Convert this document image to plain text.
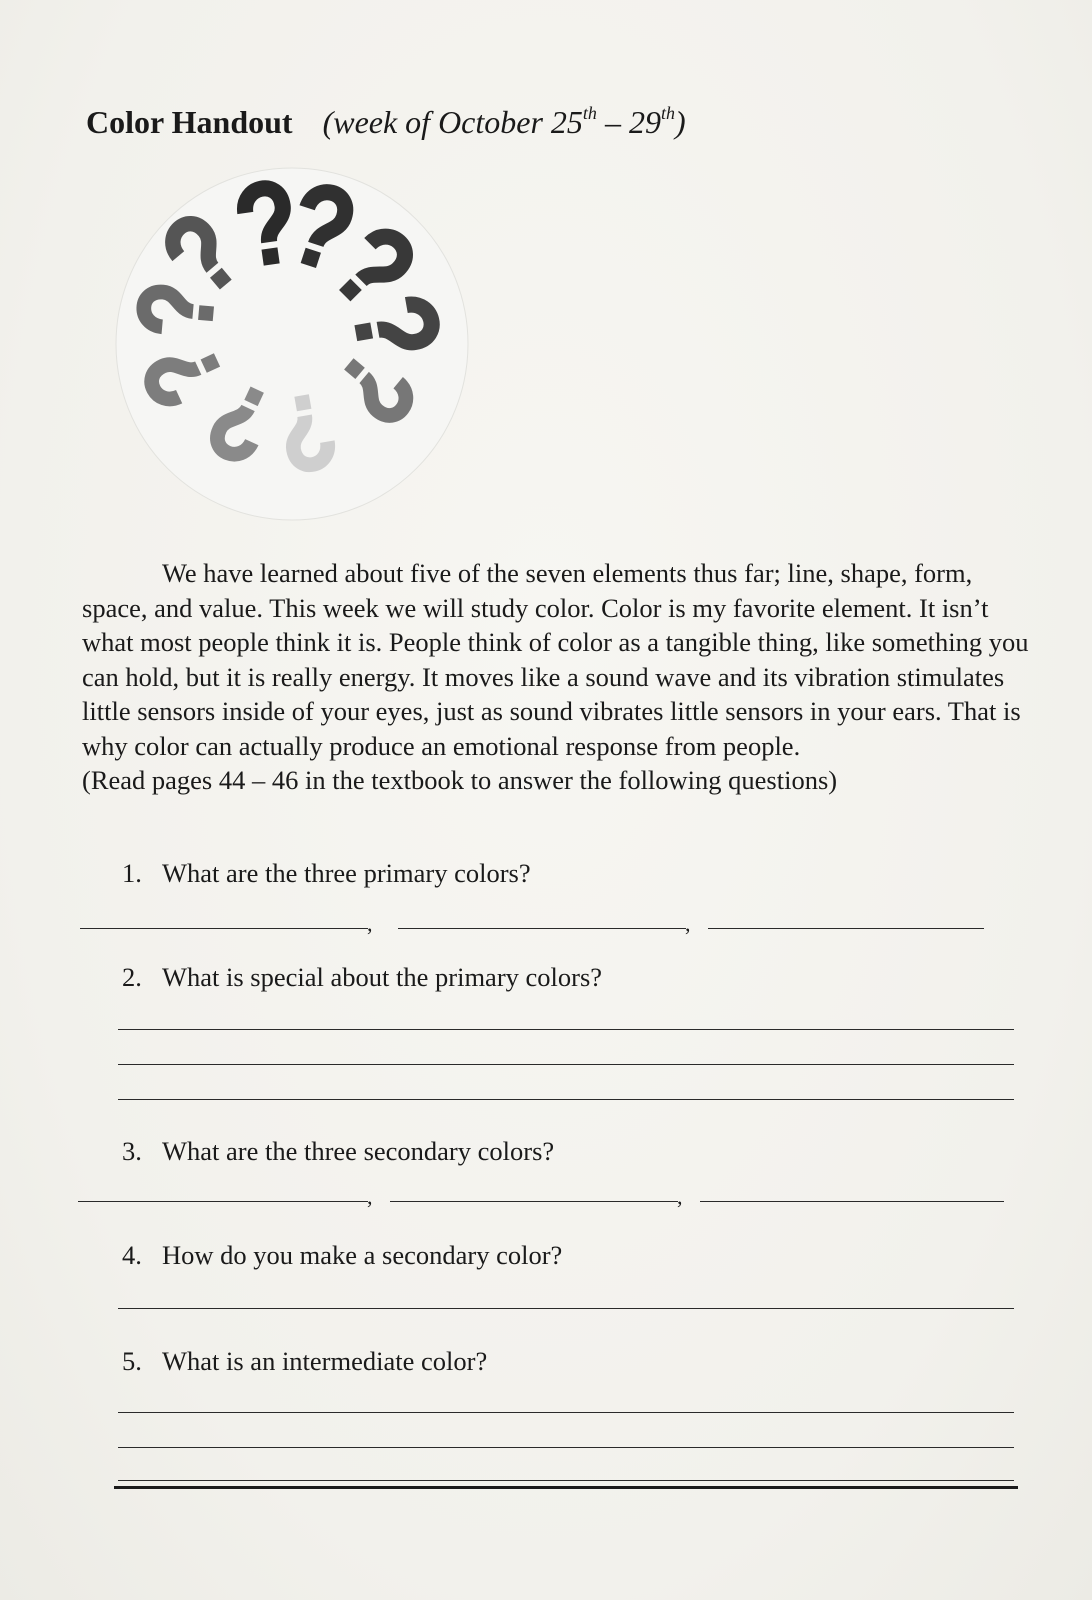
Color Handout (week of October 25th – 29th)

We have learned about five of the seven elements thus far; line, shape, form, space, and value. This week we will study color. Color is my favorite element. It isn’t what most people think it is. People think of color as a tangible thing, like something you can hold, but it is really energy. It moves like a sound wave and its vibration stimulates little sensors inside of your eyes, just as sound vibrates little sensors in your ears. That is why color can actually produce an emotional response from people.

(Read pages 44 – 46 in the textbook to answer the following questions)

1. What are the three primary colors?
,	,
2. What is special about the primary colors?
3. What are the three secondary colors?
,	,
4. How do you make a secondary color?
5. What is an intermediate color?
